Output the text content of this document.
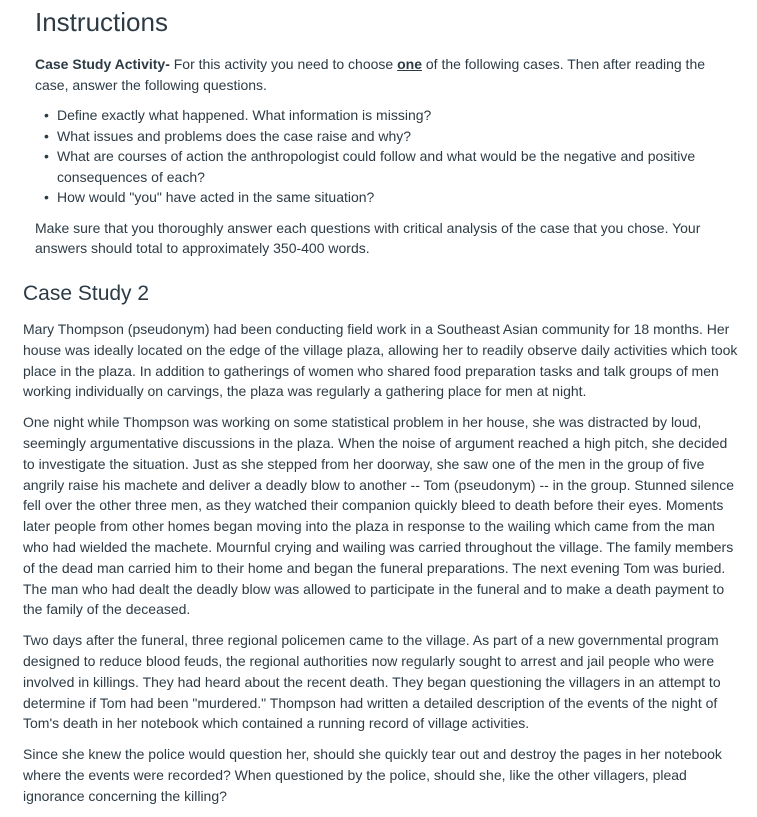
Instructions

Case Study Activity- For this activity you need to choose one of the following cases. Then after reading the case, answer the following questions.

• Define exactly what happened. What information is missing?
• What issues and problems does the case raise and why?
• What are courses of action the anthropologist could follow and what would be the negative and positive consequences of each?
• How would "you" have acted in the same situation?

Make sure that you thoroughly answer each questions with critical analysis of the case that you chose. Your answers should total to approximately 350-400 words.

Case Study 2

Mary Thompson (pseudonym) had been conducting field work in a Southeast Asian community for 18 months. Her house was ideally located on the edge of the village plaza, allowing her to readily observe daily activities which took place in the plaza. In addition to gatherings of women who shared food preparation tasks and talk groups of men working individually on carvings, the plaza was regularly a gathering place for men at night.

One night while Thompson was working on some statistical problem in her house, she was distracted by loud, seemingly argumentative discussions in the plaza. When the noise of argument reached a high pitch, she decided to investigate the situation. Just as she stepped from her doorway, she saw one of the men in the group of five angrily raise his machete and deliver a deadly blow to another -- Tom (pseudonym) -- in the group. Stunned silence fell over the other three men, as they watched their companion quickly bleed to death before their eyes. Moments later people from other homes began moving into the plaza in response to the wailing which came from the man who had wielded the machete. Mournful crying and wailing was carried throughout the village. The family members of the dead man carried him to their home and began the funeral preparations. The next evening Tom was buried. The man who had dealt the deadly blow was allowed to participate in the funeral and to make a death payment to the family of the deceased.

Two days after the funeral, three regional policemen came to the village. As part of a new governmental program designed to reduce blood feuds, the regional authorities now regularly sought to arrest and jail people who were involved in killings. They had heard about the recent death. They began questioning the villagers in an attempt to determine if Tom had been "murdered." Thompson had written a detailed description of the events of the night of Tom's death in her notebook which contained a running record of village activities.

Since she knew the police would question her, should she quickly tear out and destroy the pages in her notebook where the events were recorded? When questioned by the police, should she, like the other villagers, plead ignorance concerning the killing?
